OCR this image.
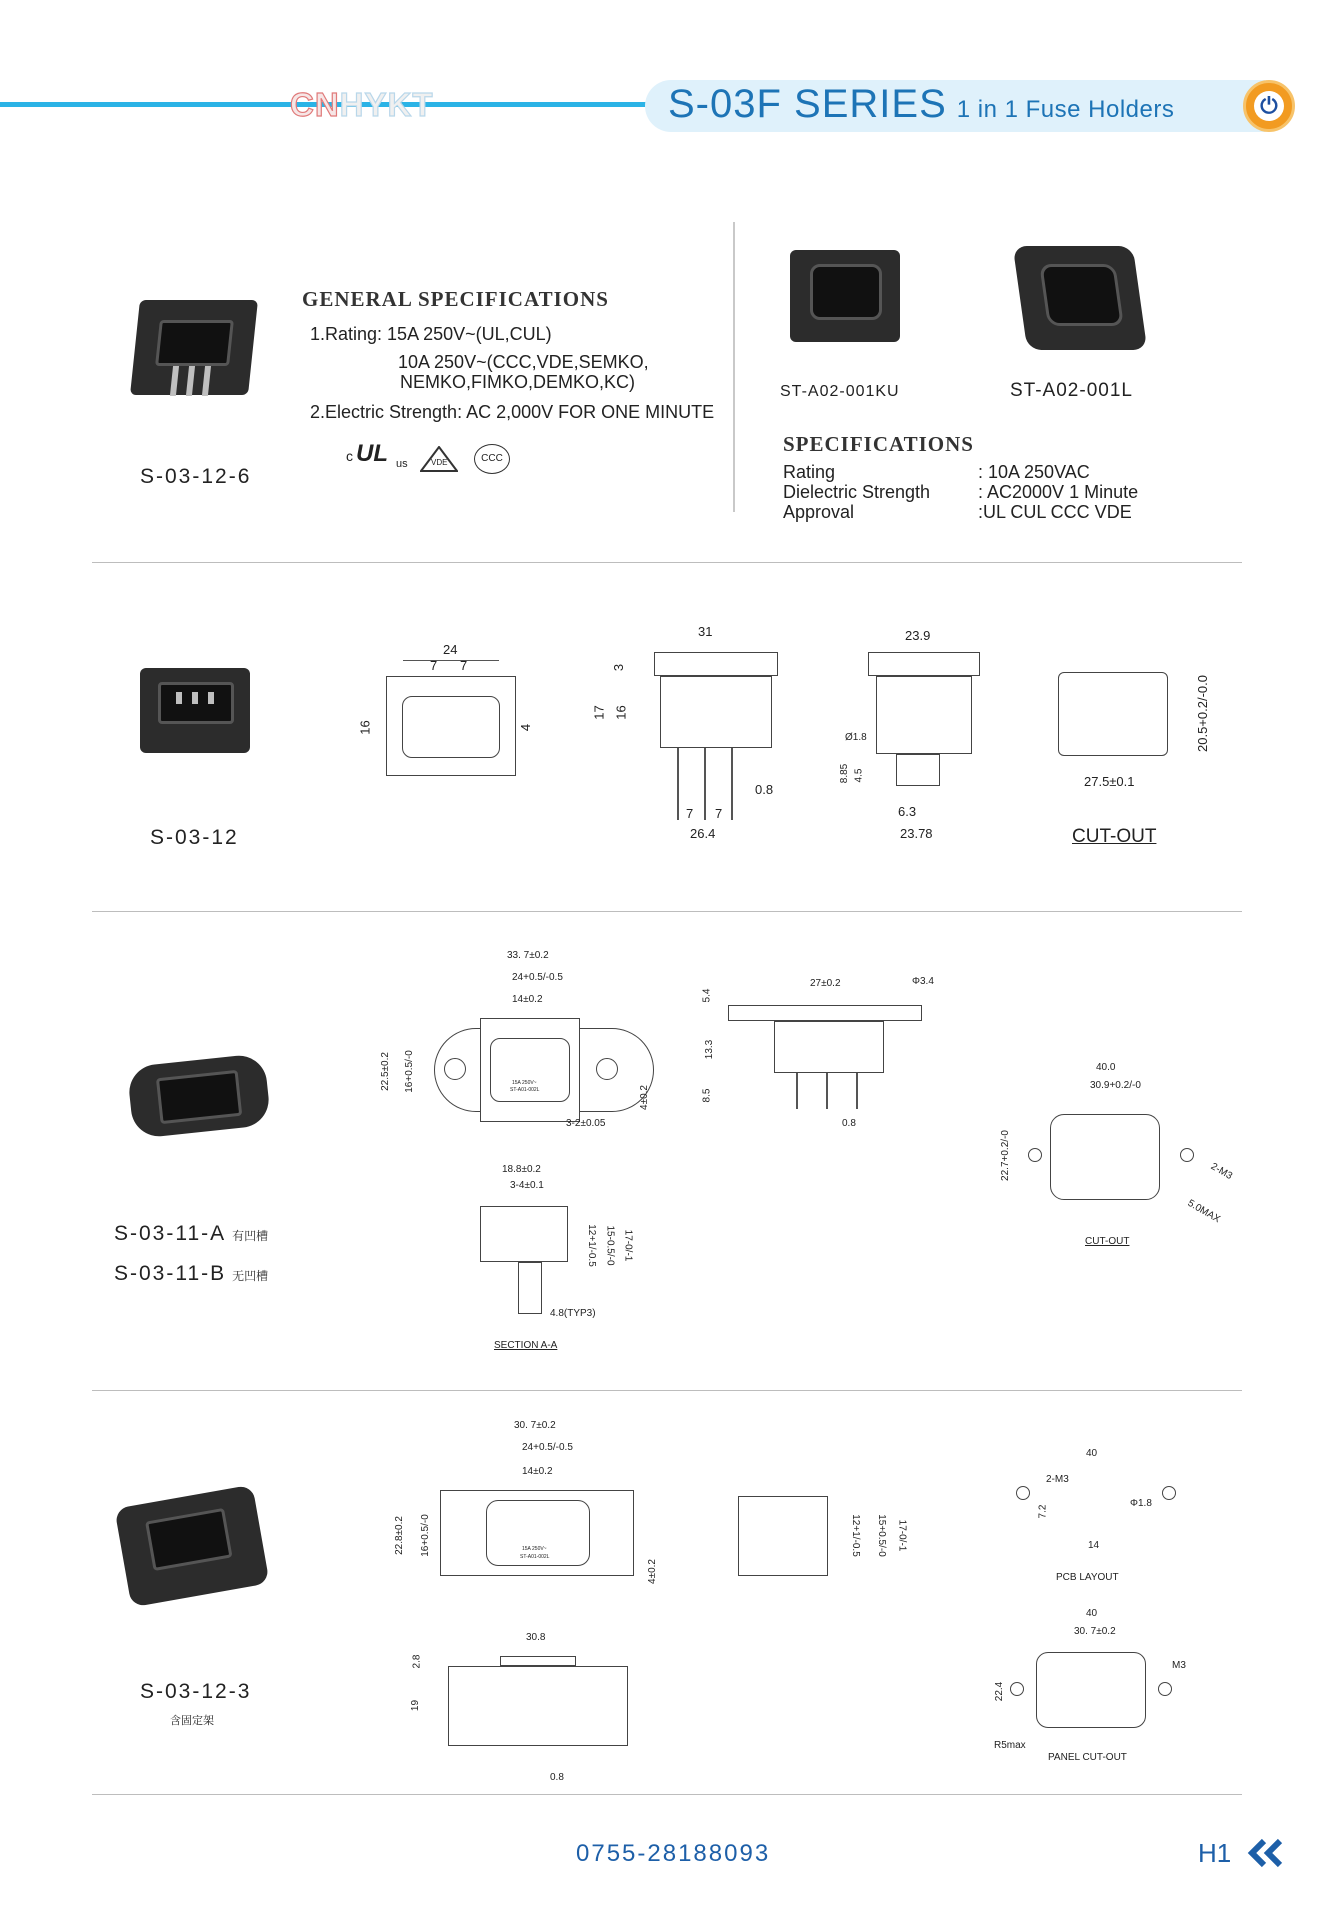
CNHYKT	S-03F SERIES 1 in 1 Fuse Holders	⏻
S-03-12-6
GENERAL SPECIFICATIONS
1.Rating: 15A 250V~(UL,CUL)
10A 250V~(CCC,VDE,SEMKO,
NEMKO,FIMKO,DEMKO,KC)
2.Electric Strength: AC 2,000V FOR ONE MINUTE
c UL us	VDE	CCC
ST-A02-001KU	ST-A02-001L
SPECIFICATIONS
Rating	: 10A 250VAC
Dielectric Strength	: AC2000V 1 Minute
Approval	:UL CUL CCC VDE
S-03-12
24
7 7
16	4
31
3
17 16
7 7
0.8
26.4
23.9
Ø1.8
8.85 4.5
6.3
23.78
27.5±0.1
20.5+0.2/-0.0
CUT-OUT
S-03-11-A 有凹槽
S-03-11-B 无凹槽
33. 7±0.2
24+0.5/-0.5
14±0.2
22.5±0.2 16+0.5/-0
4±0.2
3-2±0.05
15A 250V~
ST-A01-002L
27±0.2	Φ3.4
5.4
13.3
8.5
0.8
18.8±0.2
3-4±0.1
12+1/-0.5 15-0.5/-0 17-0/-1
4.8(TYP3)
SECTION A-A
40.0
30.9+0.2/-0
22.7+0.2/-0	2-M3
5.0MAX
CUT-OUT
S-03-12-3
含固定架
30. 7±0.2
24+0.5/-0.5
14±0.2
22.8±0.2 16+0.5/-0
4±0.2
15A 250V~
ST-A01-002L
12+1/-0.5 15+0.5/-0 17-0/-1
30.8
2.8
19
0.8
40
2-M3
7.2
Φ1.8
14
PCB LAYOUT
40
30. 7±0.2
22.4
M3
R5max
PANEL CUT-OUT
0755-28188093	H1
